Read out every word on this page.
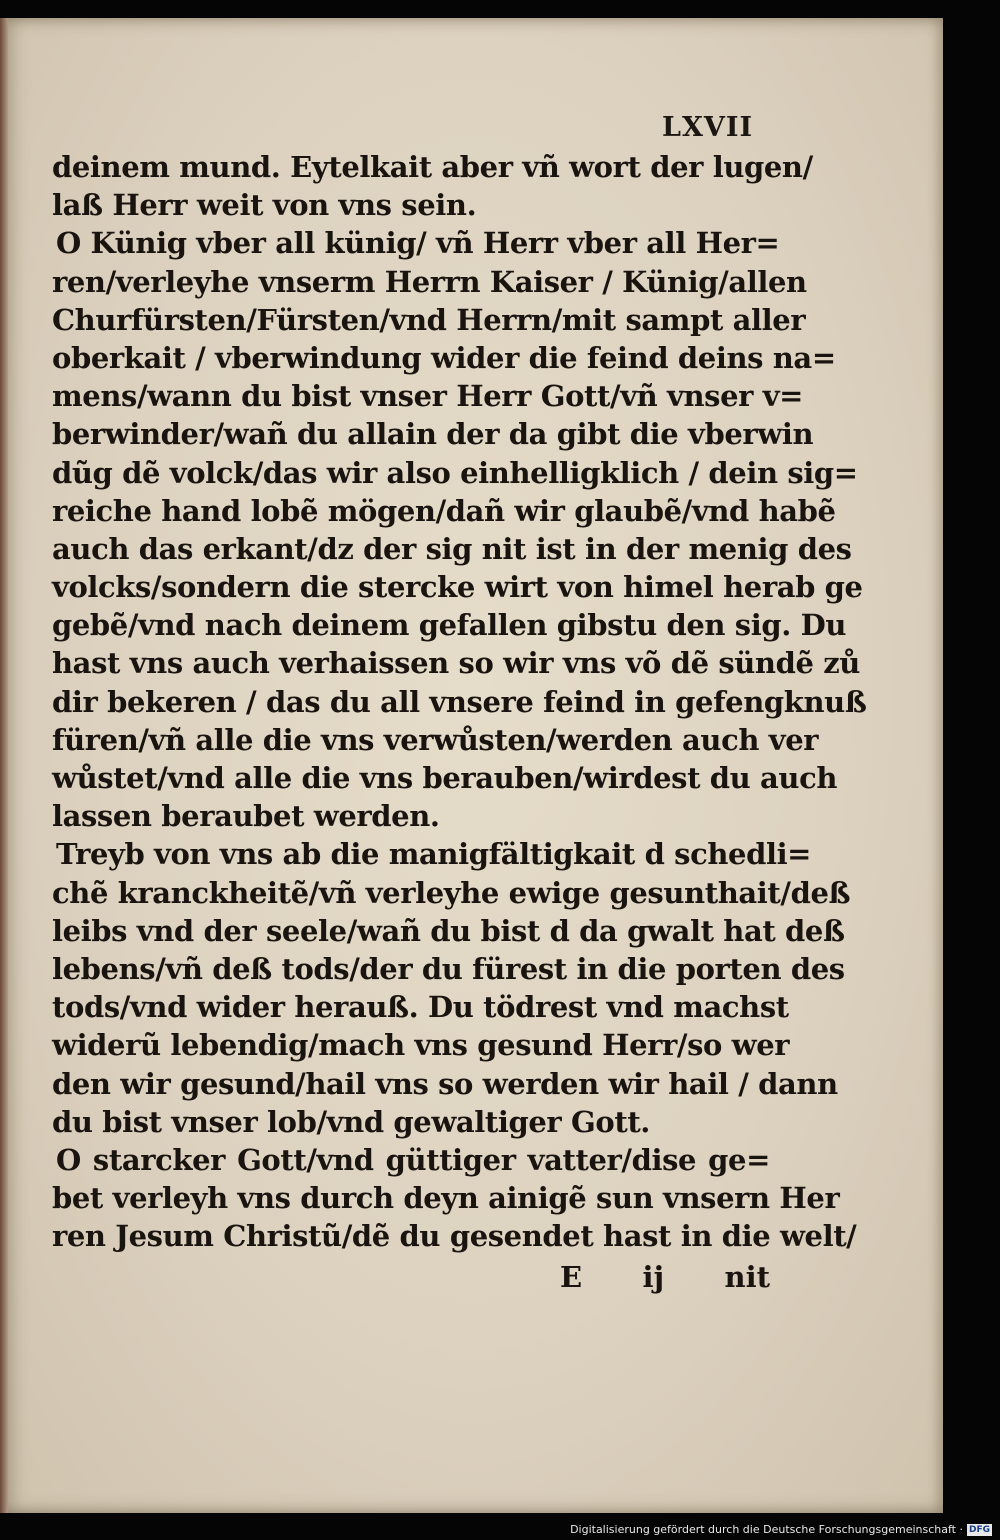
LXVII
deinem mund. Eytelkait aber vñ wort der lugen/
laß Herr weit von vns sein.
O Künig vber all künig/ vñ Herr vber all Her=
ren/verleyhe vnserm Herrn Kaiser / Künig/allen
Churfürsten/Fürsten/vnd Herrn/mit sampt aller
oberkait / vberwindung wider die feind deins na=
mens/wann du bist vnser Herr Gott/vñ vnser v=
berwinder/wañ du allain der da gibt die vberwin
dũg dẽ volck/das wir also einhelligklich / dein sig=
reiche hand lobẽ mögen/dañ wir glaubẽ/vnd habẽ
auch das erkant/dz der sig nit ist in der menig des
volcks/sondern die stercke wirt von himel herab ge
gebẽ/vnd nach deinem gefallen gibstu den sig. Du
hast vns auch verhaissen so wir vns võ dẽ sündẽ zů
dir bekeren / das du all vnsere feind in gefengknuß
füren/vñ alle die vns verwůsten/werden auch ver
wůstet/vnd alle die vns berauben/wirdest du auch
lassen beraubet werden.
Treyb von vns ab die manigfältigkait d schedli=
chẽ kranckheitẽ/vñ verleyhe ewige gesunthait/deß
leibs vnd der seele/wañ du bist d da gwalt hat deß
lebens/vñ deß tods/der du fürest in die porten des
tods/vnd wider herauß. Du tödrest vnd machst
widerũ lebendig/mach vns gesund Herr/so wer
den wir gesund/hail vns so werden wir hail / dann
du bist vnser lob/vnd gewaltiger Gott.
O starcker Gott/vnd güttiger vatter/dise ge=
bet verleyh vns durch deyn ainigẽ sun vnsern Her
ren Jesum Christũ/dẽ du gesendet hast in die welt/
E ij nit
Digitalisierung gefördert durch die Deutsche Forschungsgemeinschaft · DFG
